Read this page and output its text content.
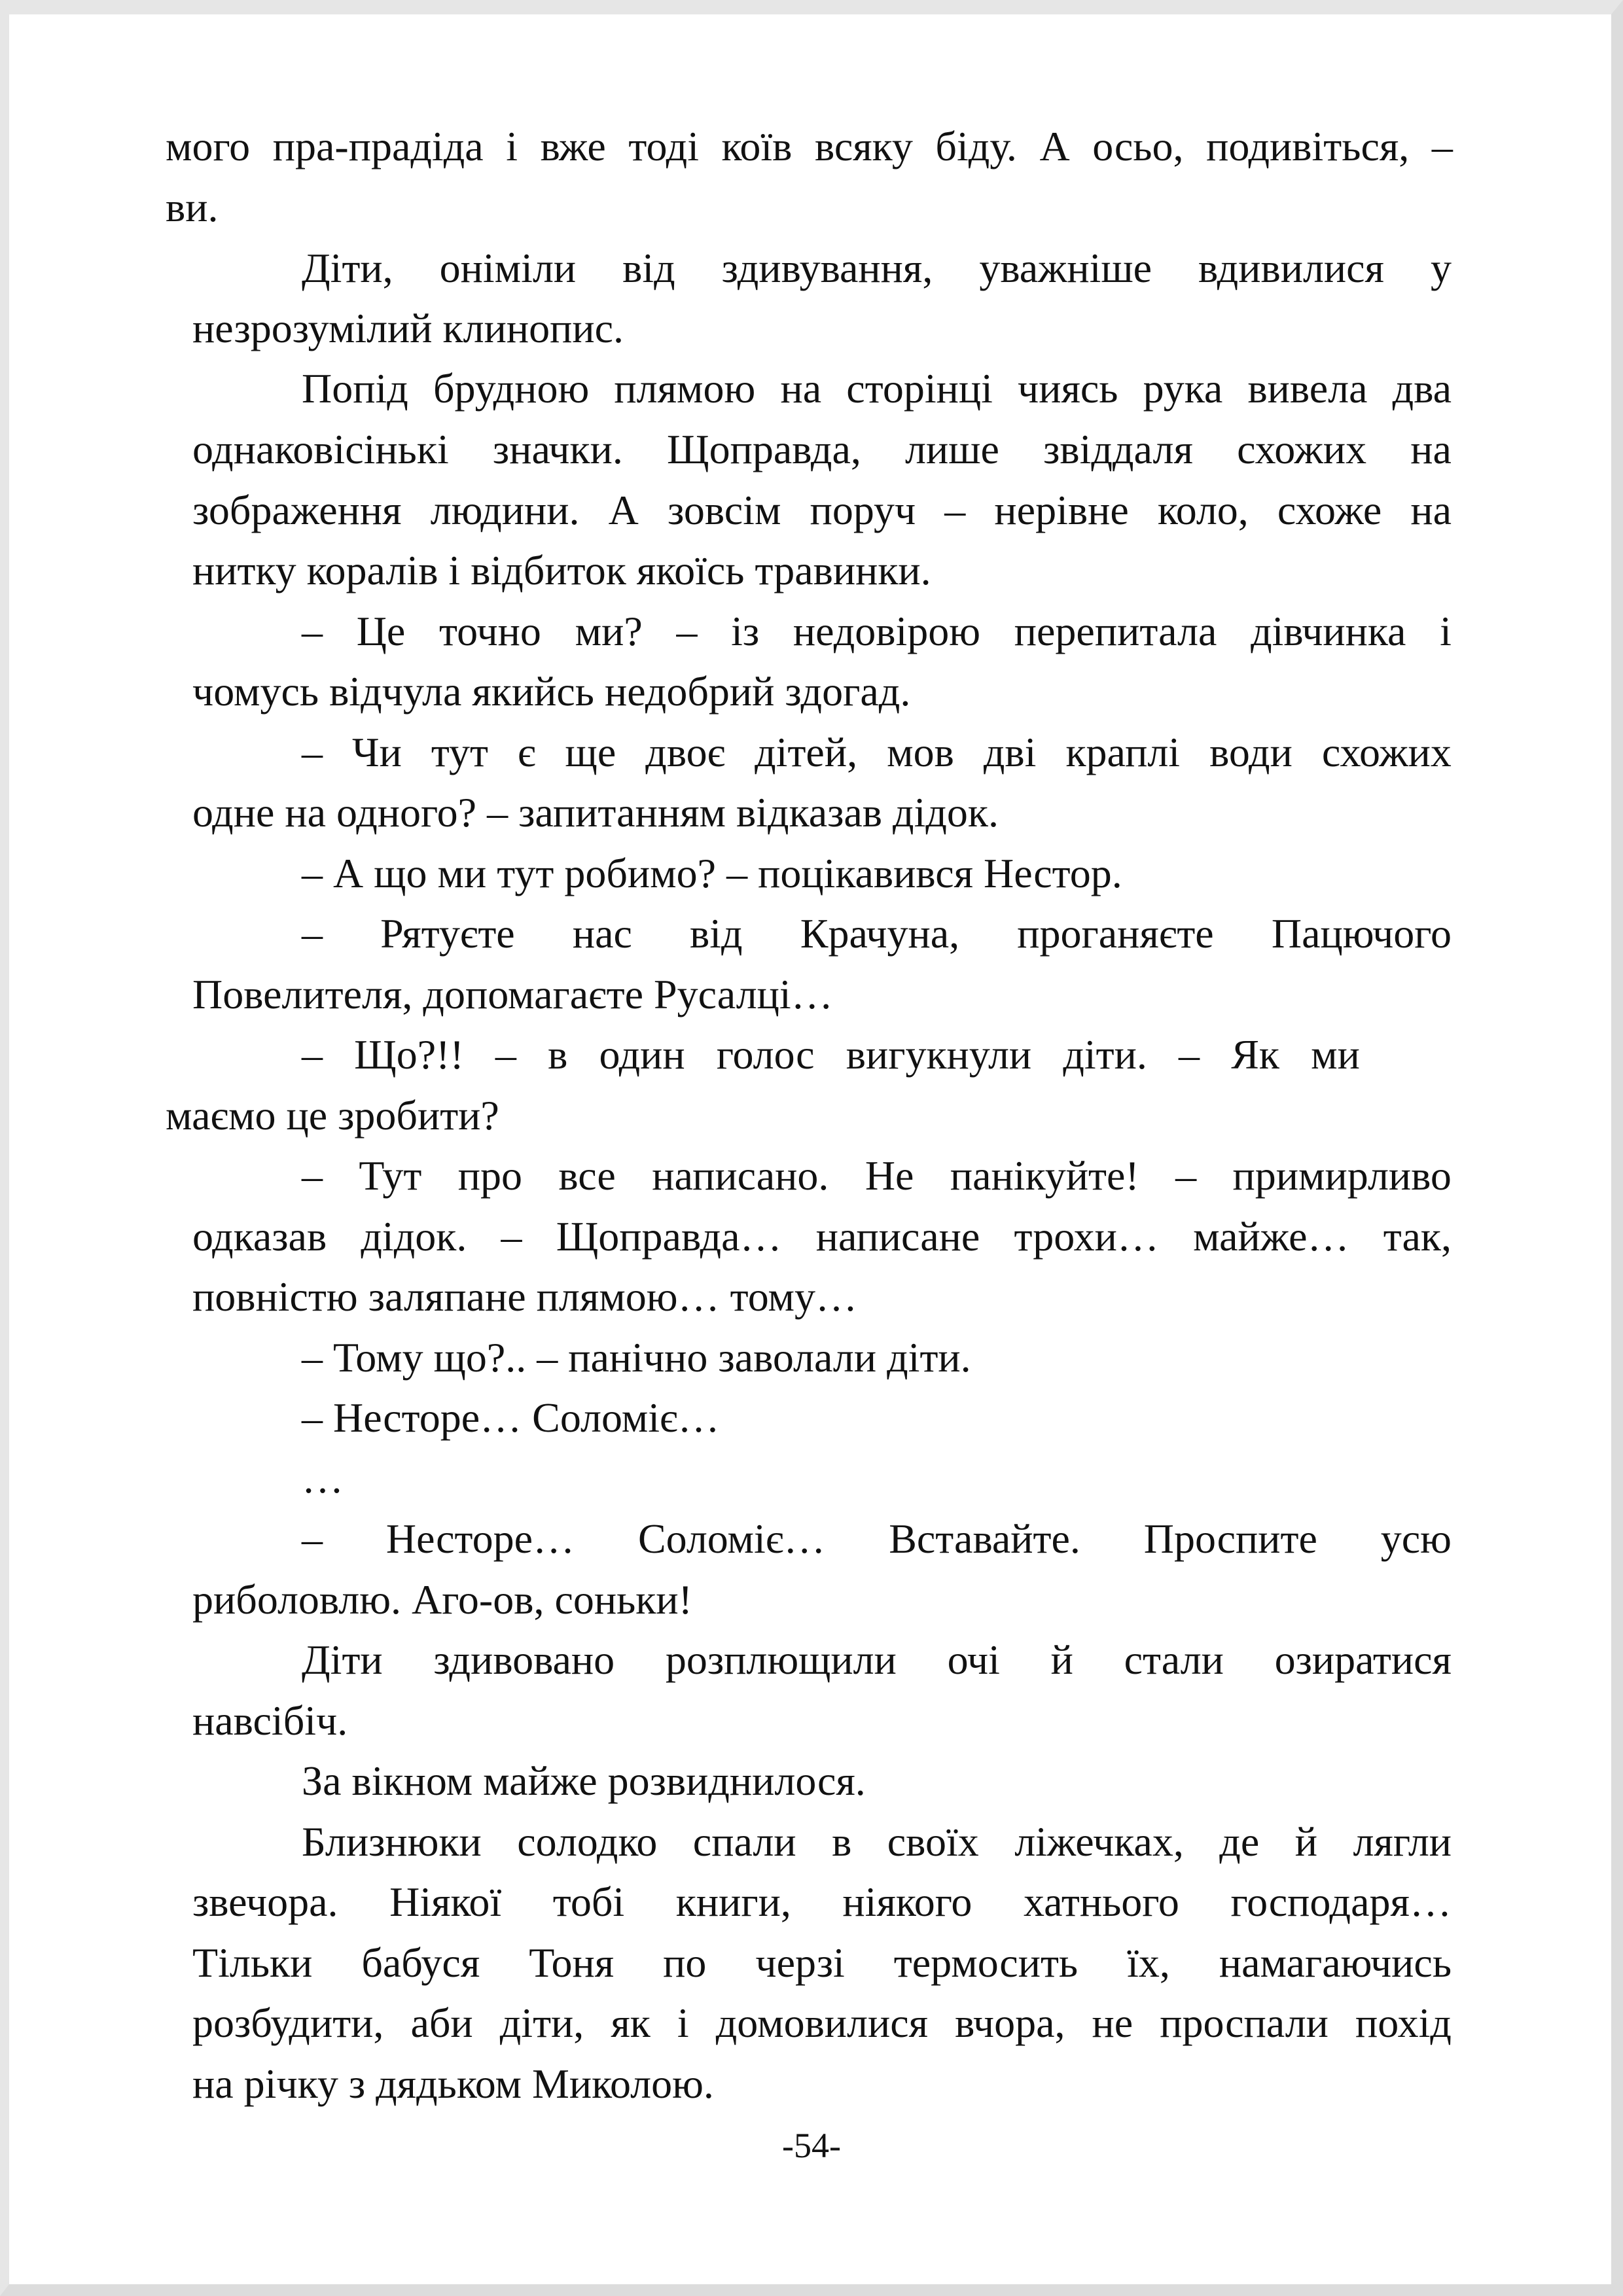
мого пра-прадіда і вже тоді коїв всяку біду. А осьо, подивіться, –
ви.
Діти, оніміли від здивування, уважніше вдивилися у
незрозумілий клинопис.
Попід брудною плямою на сторінці чиясь рука вивела два
однаковісінькі значки. Щоправда, лише звіддаля схожих на
зображення людини. А зовсім поруч – нерівне коло, схоже на
нитку коралів і відбиток якоїсь травинки.
– Це точно ми? – із недовірою перепитала дівчинка і
чомусь відчула якийсь недобрий здогад.
– Чи тут є ще двоє дітей, мов дві краплі води схожих
одне на одного? – запитанням відказав дідок.
– А що ми тут робимо? – поцікавився Нестор.
– Рятуєте нас від Крачуна, проганяєте Пацючого
Повелителя, допомагаєте Русалці…
– Що?!! – в один голос вигукнули діти. – Як ми
маємо це зробити?
– Тут про все написано. Не панікуйте! – примирливо
одказав дідок. – Щоправда… написане трохи… майже… так,
повністю заляпане плямою… тому…
– Тому що?.. – панічно заволали діти.
– Несторе… Соломіє…
…
– Несторе… Соломіє… Вставайте. Проспите усю
риболовлю. Аго-ов, соньки!
Діти здивовано розплющили очі й стали озиратися
навсібіч.
За вікном майже розвиднилося.
Близнюки солодко спали в своїх ліжечках, де й лягли
звечора. Ніякої тобі книги, ніякого хатнього господаря…
Тільки бабуся Тоня по черзі термосить їх, намагаючись
розбудити, аби діти, як і домовилися вчора, не проспали похід
на річку з дядьком Миколою.
-54-
